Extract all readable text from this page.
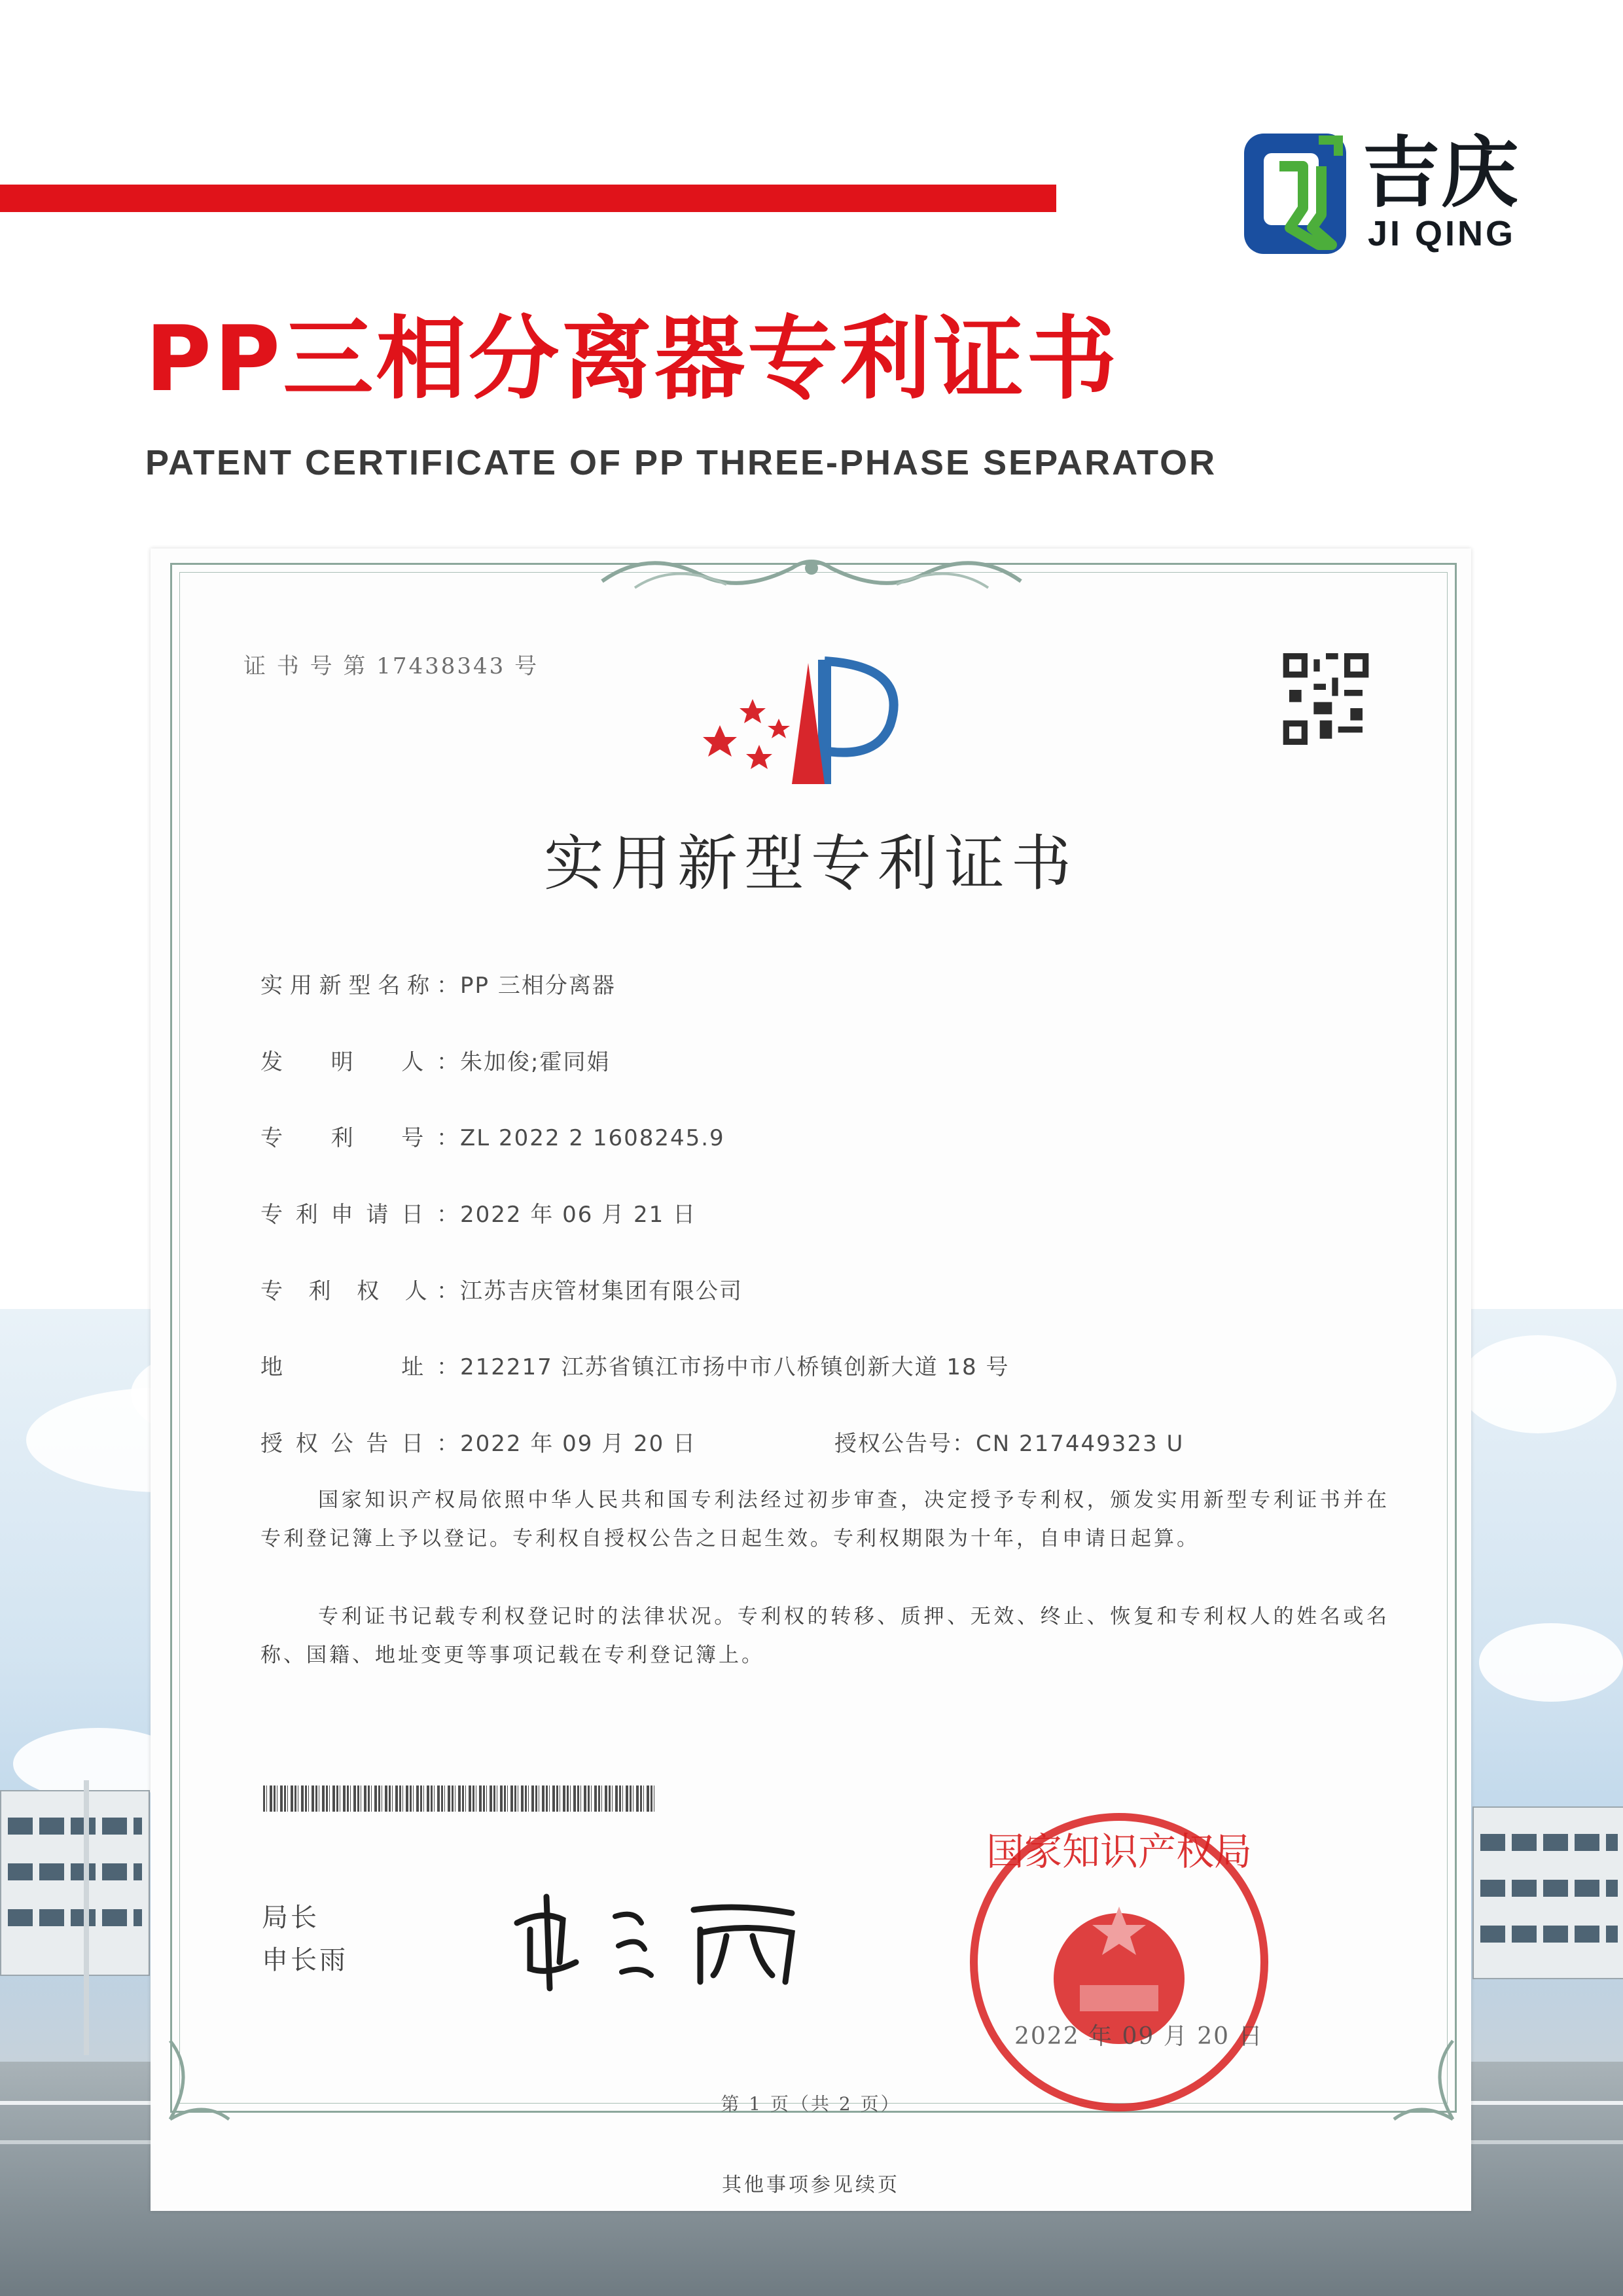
吉庆
JI QING
PP三相分离器专利证书
PATENT CERTIFICATE OF PP THREE-PHASE SEPARATOR
证 书 号 第 17438343 号
实用新型专利证书
实用新型名称：PP 三相分离器
发　明　人：朱加俊;霍同娟
专　利　号：ZL 2022 2 1608245.9
专利申请日：2022 年 06 月 21 日
专 利 权 人：江苏吉庆管材集团有限公司
地　　　址：212217 江苏省镇江市扬中市八桥镇创新大道 18 号
授权公告日：2022 年 09 月 20 日	授权公告号：CN 217449323 U
国家知识产权局依照中华人民共和国专利法经过初步审查，决定授予专利权，颁发实用新型专利证书并在专利登记簿上予以登记。专利权自授权公告之日起生效。专利权期限为十年，自申请日起算。
专利证书记载专利权登记时的法律状况。专利权的转移、质押、无效、终止、恢复和专利权人的姓名或名称、国籍、地址变更等事项记载在专利登记簿上。
局长
申长雨
国家知识产权局
2022 年 09 月 20 日
第 1 页（共 2 页）
其他事项参见续页
